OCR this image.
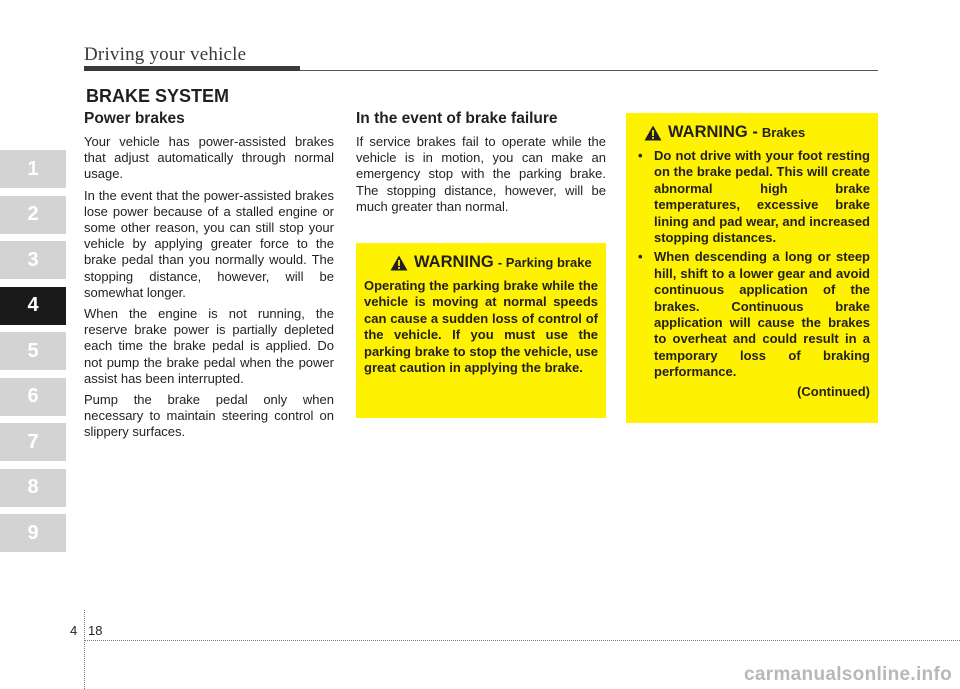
Driving your vehicle
BRAKE SYSTEM
1
2
3
4
5
6
7
8
9
Power brakes

Your vehicle has power-assisted brakes that adjust automatically through normal usage.

In the event that the power-assisted brakes lose power because of a stalled engine or some other reason, you can still stop your vehicle by applying greater force to the brake pedal than you normally would. The stopping distance, however, will be somewhat longer.

When the engine is not running, the reserve brake power is partially depleted each time the brake pedal is applied. Do not pump the brake pedal when the power assist has been interrupted.

Pump the brake pedal only when necessary to maintain steering control on slippery surfaces.

In the event of brake failure

If service brakes fail to operate while the vehicle is in motion, you can make an emergency stop with the parking brake. The stopping distance, however, will be much greater than normal.

WARNING - Parking brake

Operating the parking brake while the vehicle is moving at normal speeds can cause a sudden loss of control of the vehicle. If you must use the parking brake to stop the vehicle, use great caution in applying the brake.

WARNING - Brakes
• Do not drive with your foot resting on the brake pedal. This will create abnormal high brake temperatures, excessive brake lining and pad wear, and increased stopping distances.
• When descending a long or steep hill, shift to a lower gear and avoid continuous application of the brakes. Continuous brake application will cause the brakes to overheat and could result in a temporary loss of braking performance.
(Continued)
4 18
carmanualsonline.info
